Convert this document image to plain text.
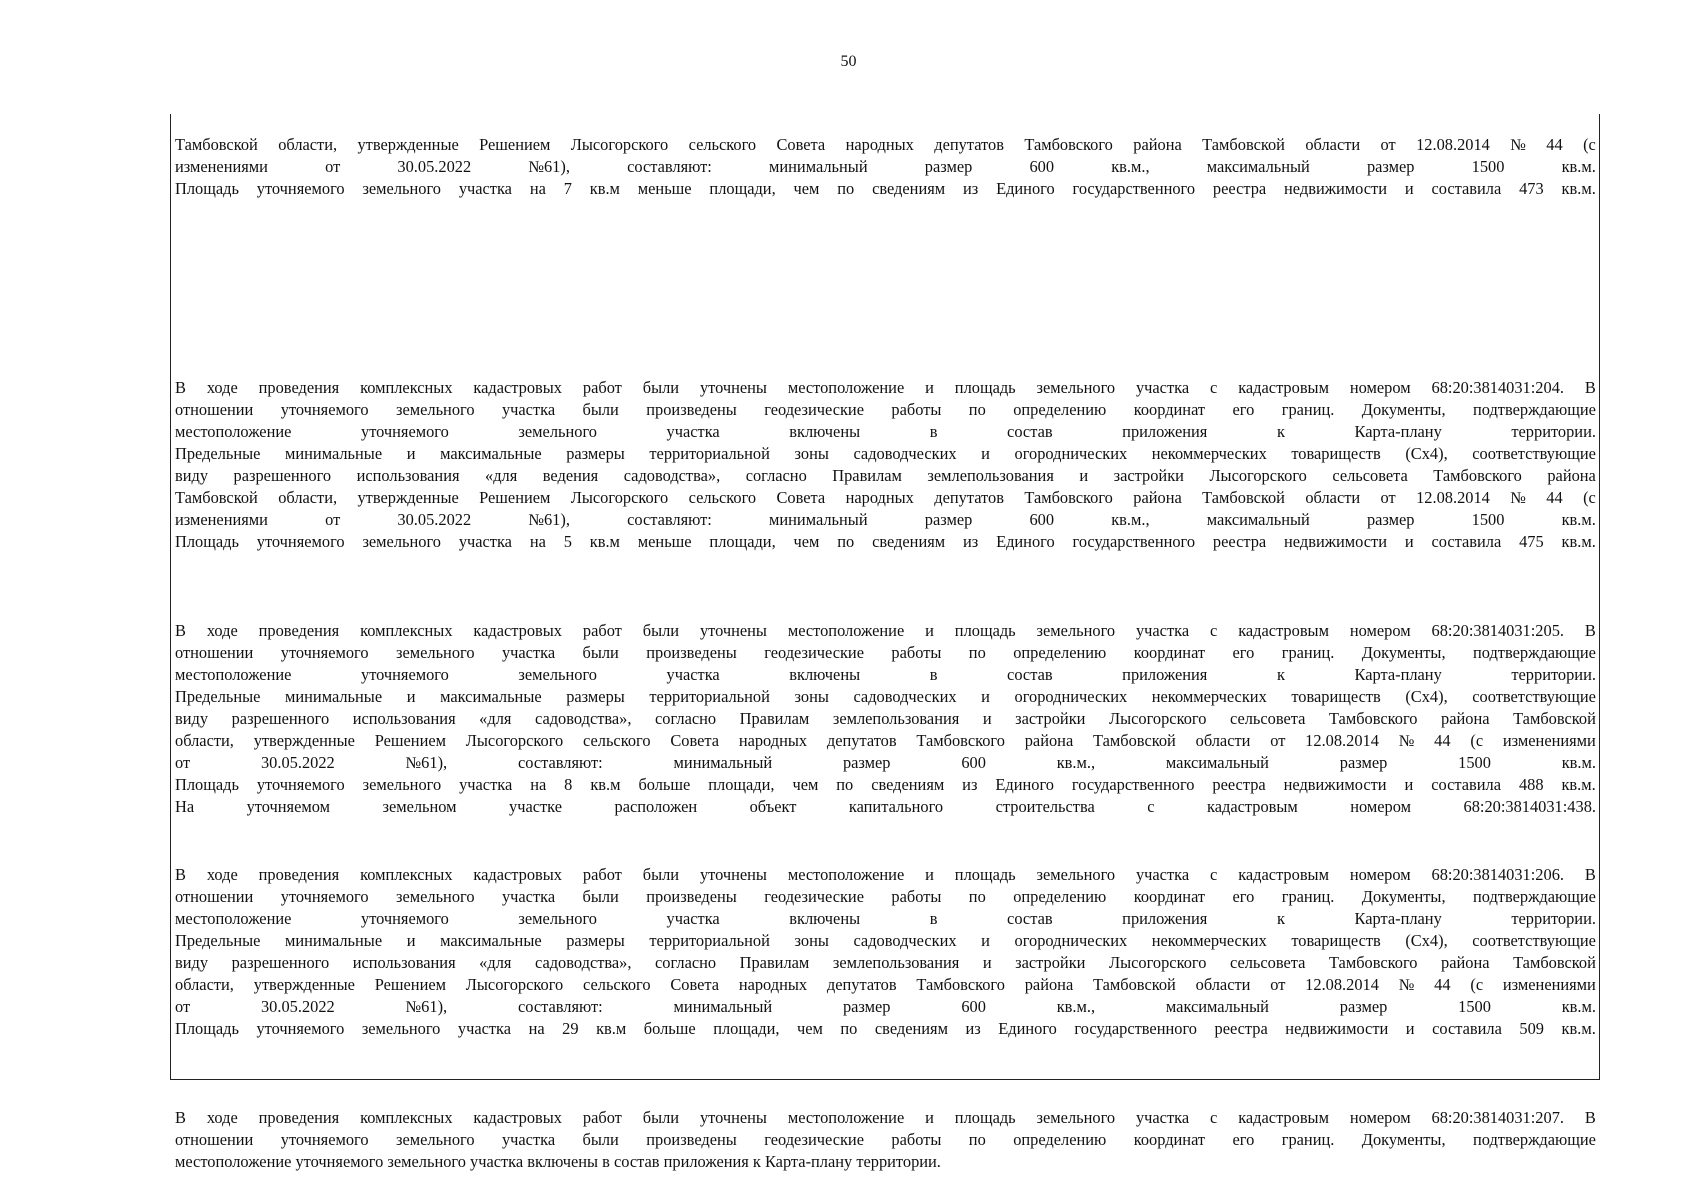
50
Тамбовской области, утвержденные Решением Лысогорского сельского Совета народных депутатов Тамбовского района Тамбовской области от 12.08.2014 № 44 (с
изменениями	от	30.05.2022	№61),	составляют:	минимальный	размер	600	кв.м.,	максимальный	размер	1500	кв.м.
Площадь уточняемого земельного участка на 7 кв.м меньше площади, чем по сведениям из Единого государственного реестра недвижимости и составила 473 кв.м.
В ходе проведения комплексных кадастровых работ были уточнены местоположение и площадь земельного участка с кадастровым номером 68:20:3814031:204. В
отношении уточняемого земельного участка были произведены геодезические работы по определению координат его границ. Документы, подтверждающие
местоположение	уточняемого	земельного	участка	включены	в	состав	приложения	к	Карта-плану	территории.
Предельные минимальные и максимальные размеры территориальной зоны садоводческих и огороднических некоммерческих товариществ (Сх4), соответствующие
виду разрешенного использования «для ведения садоводства», согласно Правилам землепользования и застройки Лысогорского сельсовета Тамбовского района
Тамбовской области, утвержденные Решением Лысогорского сельского Совета народных депутатов Тамбовского района Тамбовской области от 12.08.2014 № 44 (с
изменениями	от	30.05.2022	№61),	составляют:	минимальный	размер	600	кв.м.,	максимальный	размер	1500	кв.м.
Площадь уточняемого земельного участка на 5 кв.м меньше площади, чем по сведениям из Единого государственного реестра недвижимости и составила 475 кв.м.
В ходе проведения комплексных кадастровых работ были уточнены местоположение и площадь земельного участка с кадастровым номером 68:20:3814031:205. В
отношении уточняемого земельного участка были произведены геодезические работы по определению координат его границ. Документы, подтверждающие
местоположение	уточняемого	земельного	участка	включены	в	состав	приложения	к	Карта-плану	территории.
Предельные минимальные и максимальные размеры территориальной зоны садоводческих и огороднических некоммерческих товариществ (Сх4), соответствующие
виду разрешенного использования «для садоводства», согласно Правилам землепользования и застройки Лысогорского сельсовета Тамбовского района Тамбовской
области, утвержденные Решением Лысогорского сельского Совета народных депутатов Тамбовского района Тамбовской области от 12.08.2014 № 44 (с изменениями
от	30.05.2022	№61),	составляют:	минимальный	размер	600	кв.м.,	максимальный	размер	1500	кв.м.
Площадь уточняемого земельного участка на 8 кв.м больше площади, чем по сведениям из Единого государственного реестра недвижимости и составила 488 кв.м.
На	уточняемом	земельном	участке	расположен	объект	капитального	строительства	с	кадастровым	номером	68:20:3814031:438.
В ходе проведения комплексных кадастровых работ были уточнены местоположение и площадь земельного участка с кадастровым номером 68:20:3814031:206. В
отношении уточняемого земельного участка были произведены геодезические работы по определению координат его границ. Документы, подтверждающие
местоположение	уточняемого	земельного	участка	включены	в	состав	приложения	к	Карта-плану	территории.
Предельные минимальные и максимальные размеры территориальной зоны садоводческих и огороднических некоммерческих товариществ (Сх4), соответствующие
виду разрешенного использования «для садоводства», согласно Правилам землепользования и застройки Лысогорского сельсовета Тамбовского района Тамбовской
области, утвержденные Решением Лысогорского сельского Совета народных депутатов Тамбовского района Тамбовской области от 12.08.2014 № 44 (с изменениями
от	30.05.2022	№61),	составляют:	минимальный	размер	600	кв.м.,	максимальный	размер	1500	кв.м.
Площадь уточняемого земельного участка на 29 кв.м больше площади, чем по сведениям из Единого государственного реестра недвижимости и составила 509 кв.м.
В ходе проведения комплексных кадастровых работ были уточнены местоположение и площадь земельного участка с кадастровым номером 68:20:3814031:207. В
отношении уточняемого земельного участка были произведены геодезические работы по определению координат его границ. Документы, подтверждающие
местоположение уточняемого земельного участка включены в состав приложения к Карта-плану территории.
